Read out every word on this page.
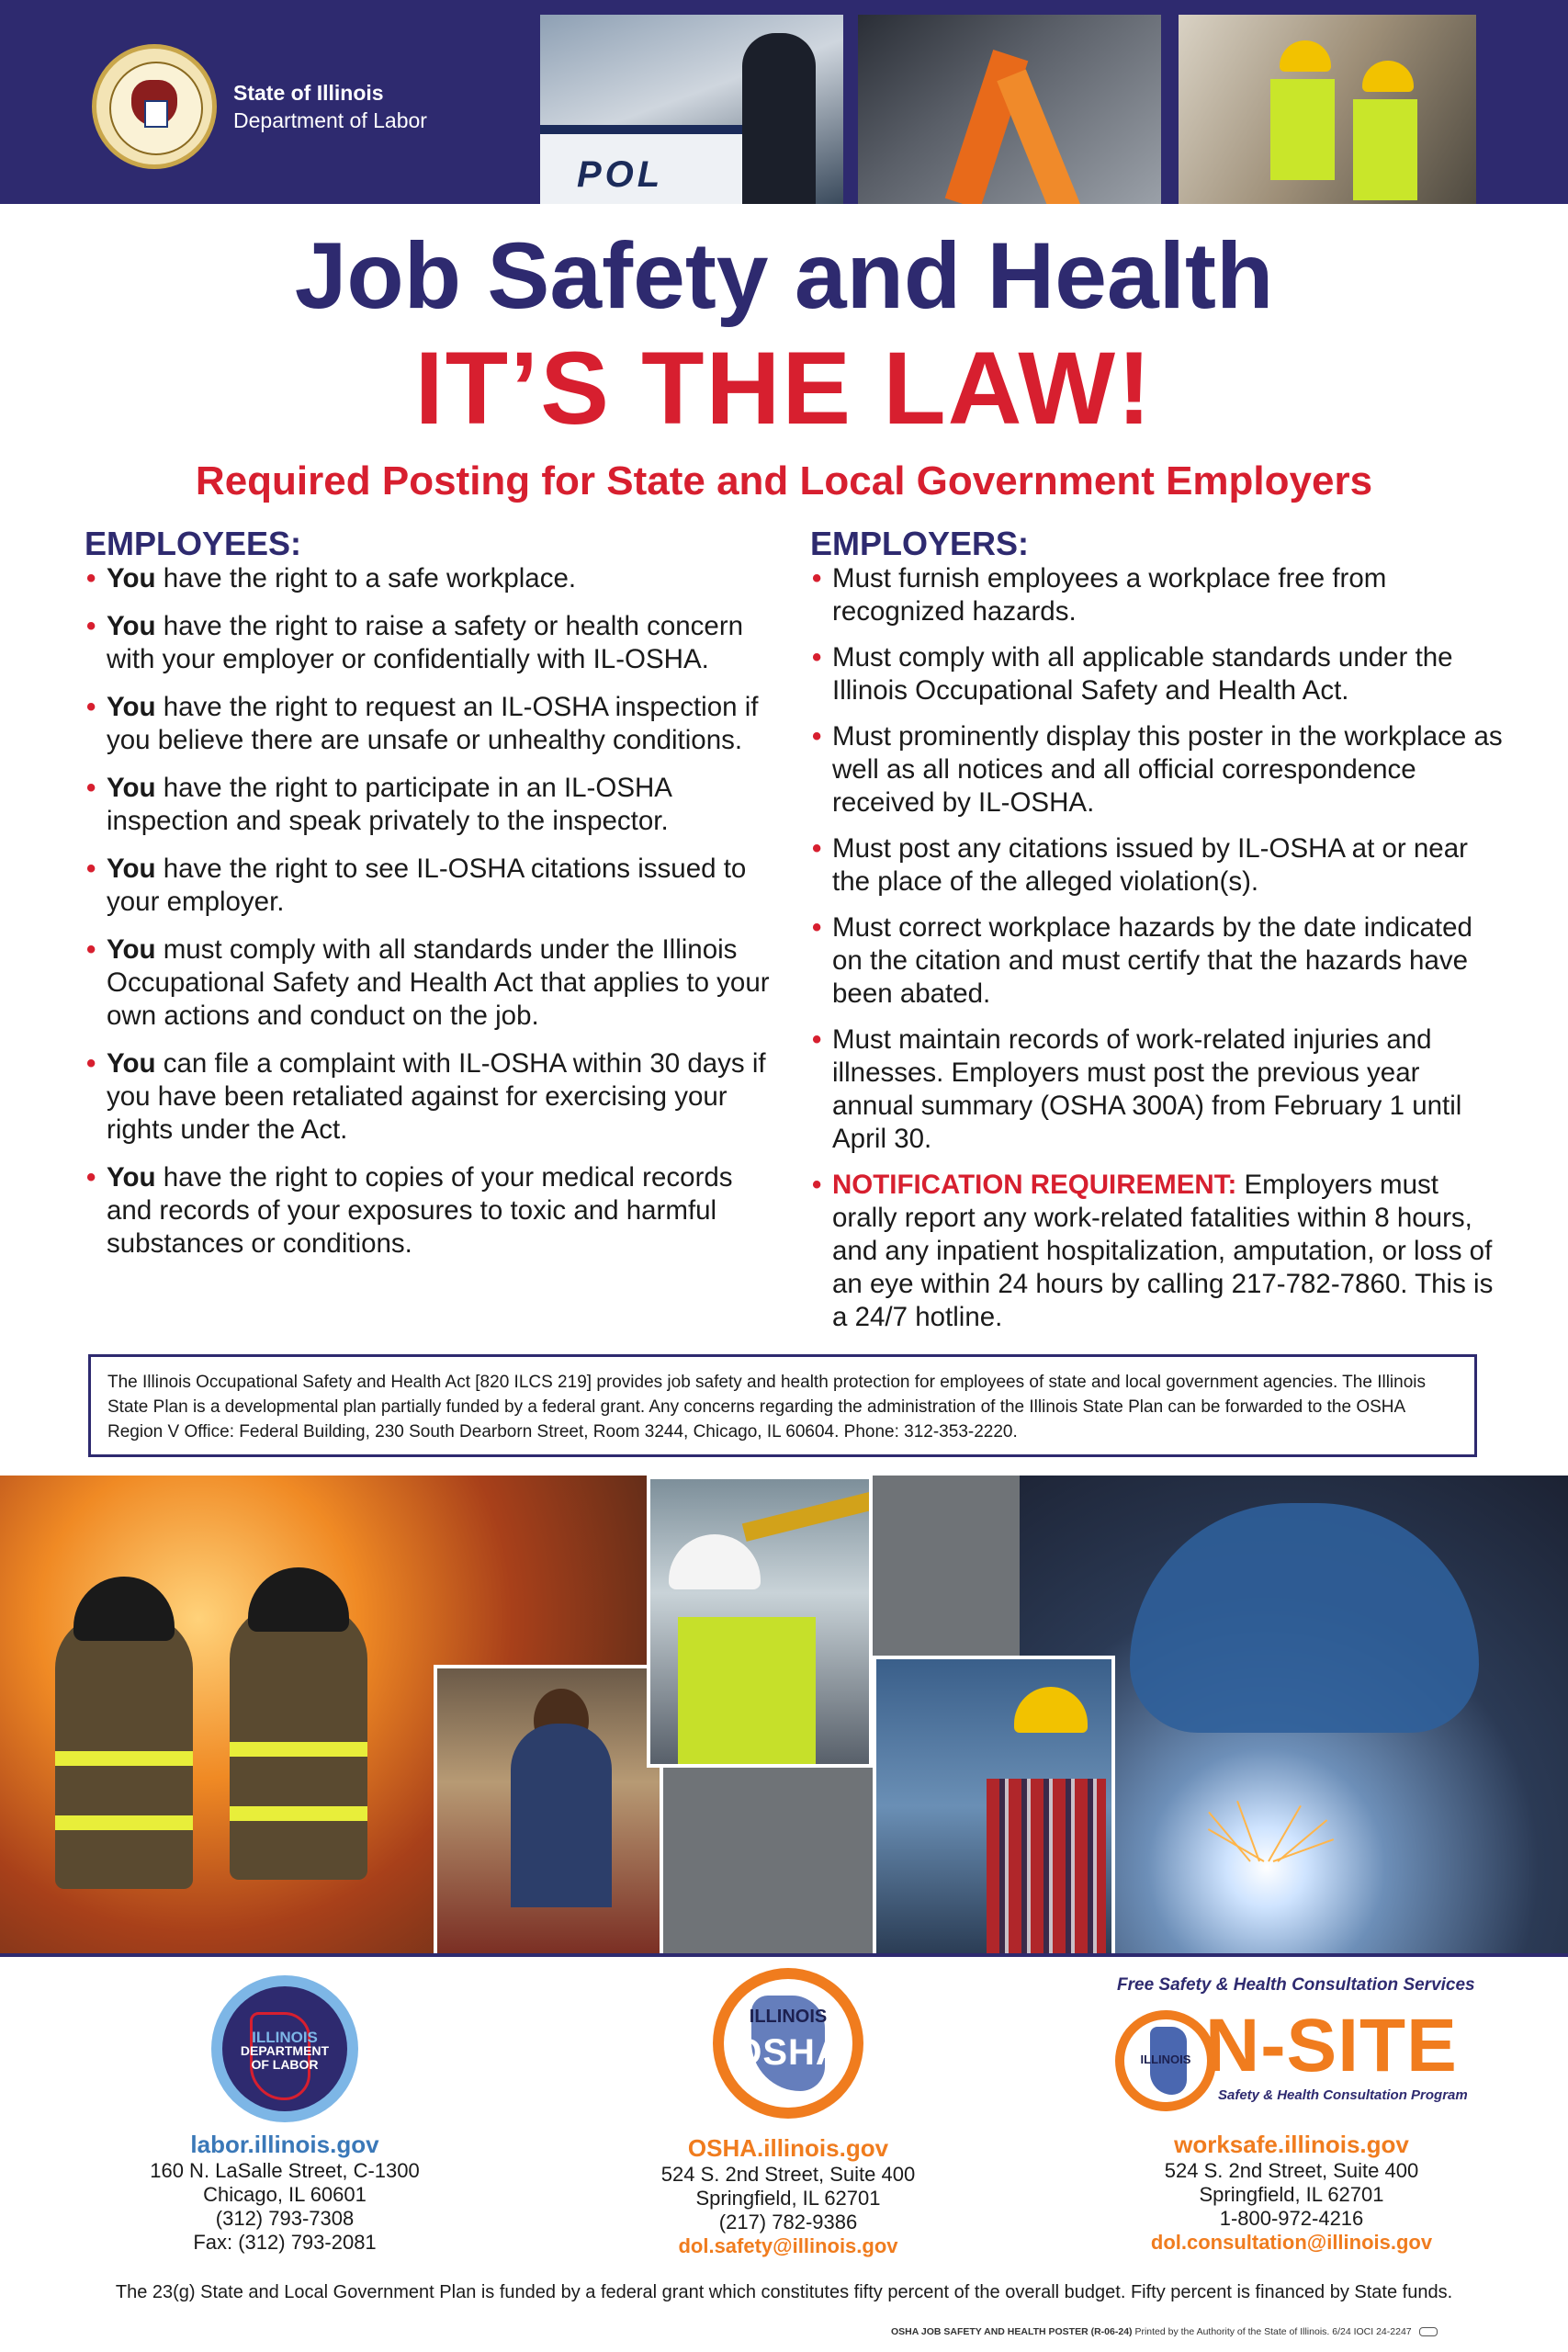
State of Illinois
Department of Labor
POL
Job Safety and Health
IT’S THE LAW!
Required Posting for State and Local Government Employers
EMPLOYEES:
• You have the right to a safe workplace.
• You have the right to raise a safety or health concern with your employer or confidentially with IL-OSHA.
• You have the right to request an IL-OSHA inspection if you believe there are unsafe or unhealthy conditions.
• You have the right to participate in an IL-OSHA inspection and speak privately to the inspector.
• You have the right to see IL-OSHA citations issued to your employer.
• You must comply with all standards under the Illinois Occupational Safety and Health Act that applies to your own actions and conduct on the job.
• You can file a complaint with IL-OSHA within 30 days if you have been retaliated against for exercising your rights under the Act.
• You have the right to copies of your medical records and records of your exposures to toxic and harmful substances or conditions.
EMPLOYERS:
• Must furnish employees a workplace free from recognized hazards.
• Must comply with all applicable standards under the Illinois Occupational Safety and Health Act.
• Must prominently display this poster in the workplace as well as all notices and all official correspondence received by IL-OSHA.
• Must post any citations issued by IL-OSHA at or near the place of the alleged violation(s).
• Must correct workplace hazards by the date indicated on the citation and must certify that the hazards have been abated.
• Must maintain records of work-related injuries and illnesses. Employers must post the previous year annual summary (OSHA 300A) from February 1 until April 30.
• NOTIFICATION REQUIREMENT: Employers must orally report any work-related fatalities within 8 hours, and any inpatient hospitalization, amputation, or loss of an eye within 24 hours by calling 217-782-7860. This is a 24/7 hotline.
The Illinois Occupational Safety and Health Act [820 ILCS 219] provides job safety and health protection for employees of state and local government agencies. The Illinois State Plan is a developmental plan partially funded by a federal grant. Any concerns regarding the administration of the Illinois State Plan can be forwarded to the OSHA Region V Office: Federal Building, 230 South Dearborn Street, Room 3244, Chicago, IL 60604. Phone: 312-353-2220.
ILLINOIS
DEPARTMENT
OF LABOR
ILLINOIS
OSHA
Free Safety & Health Consultation Services
ILLINOIS N-SITE
Safety & Health Consultation Program
labor.illinois.gov
160 N. LaSalle Street, C-1300
Chicago, IL 60601
(312) 793-7308
Fax: (312) 793-2081
OSHA.illinois.gov
524 S. 2nd Street, Suite 400
Springfield, IL 62701
(217) 782-9386
dol.safety@illinois.gov
worksafe.illinois.gov
524 S. 2nd Street, Suite 400
Springfield, IL 62701
1-800-972-4216
dol.consultation@illinois.gov
The 23(g) State and Local Government Plan is funded by a federal grant which constitutes fifty percent of the overall budget. Fifty percent is financed by State funds.
OSHA JOB SAFETY AND HEALTH POSTER (R-06-24) Printed by the Authority of the State of Illinois. 6/24 IOCI 24-2247
